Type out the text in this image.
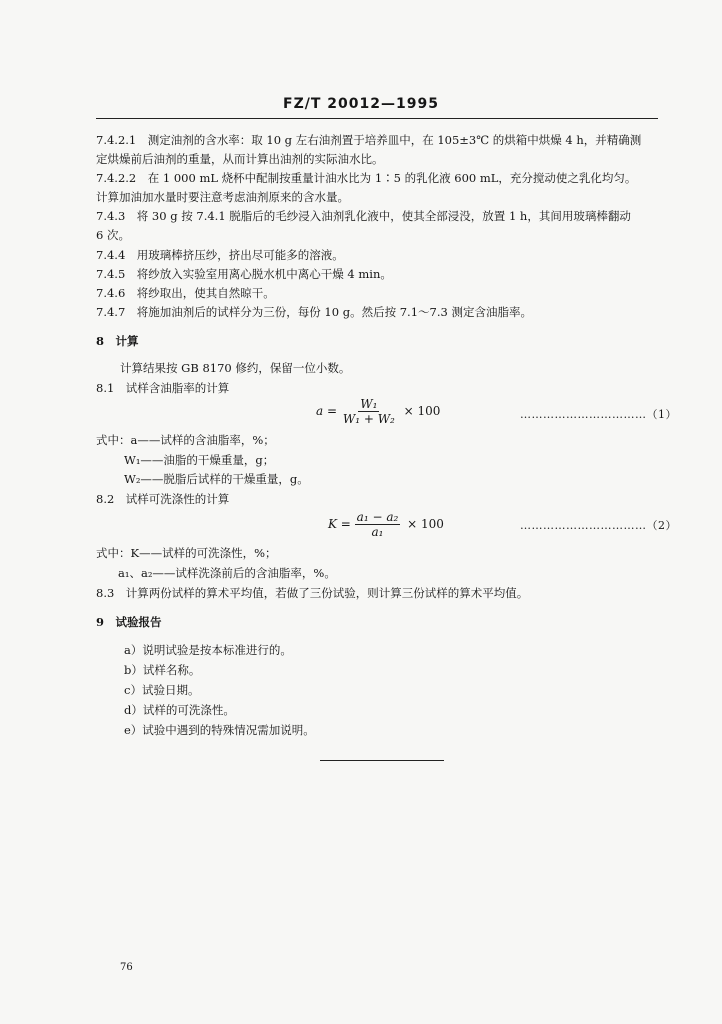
FZ/T 20012—1995
7.4.2.1　测定油剂的含水率：取 10 g 左右油剂置于培养皿中，在 105±3℃ 的烘箱中烘燥 4 h，并精确测
定烘燥前后油剂的重量，从而计算出油剂的实际油水比。
7.4.2.2　在 1 000 mL 烧杯中配制按重量计油水比为 1∶5 的乳化液 600 mL，充分搅动使之乳化均匀。
计算加油加水量时要注意考虑油剂原来的含水量。
7.4.3　将 30 g 按 7.4.1 脱脂后的毛纱浸入油剂乳化液中，使其全部浸没，放置 1 h，其间用玻璃棒翻动
6 次。
7.4.4　用玻璃棒挤压纱，挤出尽可能多的溶液。
7.4.5　将纱放入实验室用离心脱水机中离心干燥 4 min。
7.4.6　将纱取出，使其自然晾干。
7.4.7　将施加油剂后的试样分为三份，每份 10 g。然后按 7.1～7.3 测定含油脂率。
8　计算
计算结果按 GB 8170 修约，保留一位小数。
8.1　试样含油脂率的计算
$a = \frac{\text{W₁}}{\text{W₁ + W₂}} \times 100$	……………………………（1）
式中：a——试样的含油脂率，%；
W₁——油脂的干燥重量，g；
W₂——脱脂后试样的干燥重量，g。
8.2　试样可洗涤性的计算
$K = \frac{\text{a₁ − a₂}}{\text{a₁}} \times 100$	……………………………（2）
式中：K——试样的可洗涤性，%；
a₁、a₂——试样洗涤前后的含油脂率，%。
8.3　计算两份试样的算术平均值，若做了三份试验，则计算三份试样的算术平均值。
9　试验报告
a）说明试验是按本标准进行的。
b）试样名称。
c）试验日期。
d）试样的可洗涤性。
e）试验中遇到的特殊情况需加说明。
76
